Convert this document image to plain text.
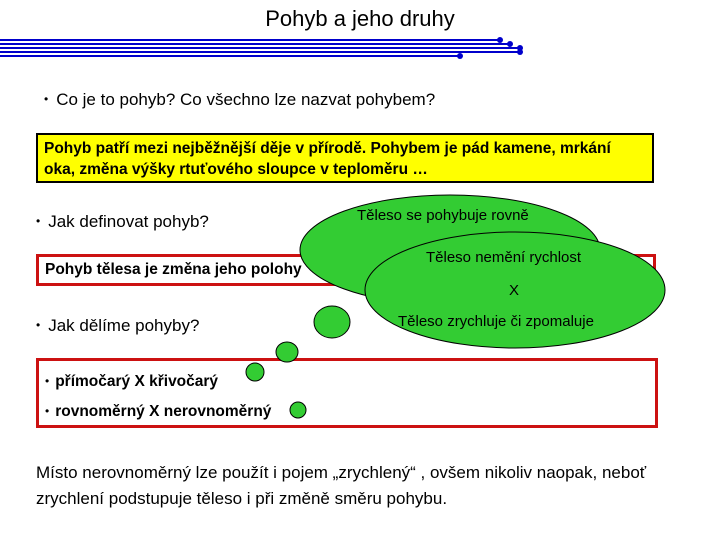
Pohyb a jeho druhy
• Co je to pohyb? Co všechno lze nazvat pohybem?
Pohyb patří mezi nejběžnější děje v přírodě. Pohybem je pád kamene, mrkání oka, změna výšky rtuťového sloupce v teploměru …
• Jak definovat pohyb?
Pohyb tělesa je změna jeho polohy
• Jak dělíme pohyby?
• přímočarý X křivočarý
• rovnoměrný X nerovnoměrný
Těleso se pohybuje rovně
Těleso nemění rychlost
X
Těleso zrychluje či zpomaluje
Místo nerovnoměrný lze použít i pojem „zrychlený“ , ovšem nikoliv naopak, neboť zrychlení podstupuje těleso i při změně směru pohybu.
